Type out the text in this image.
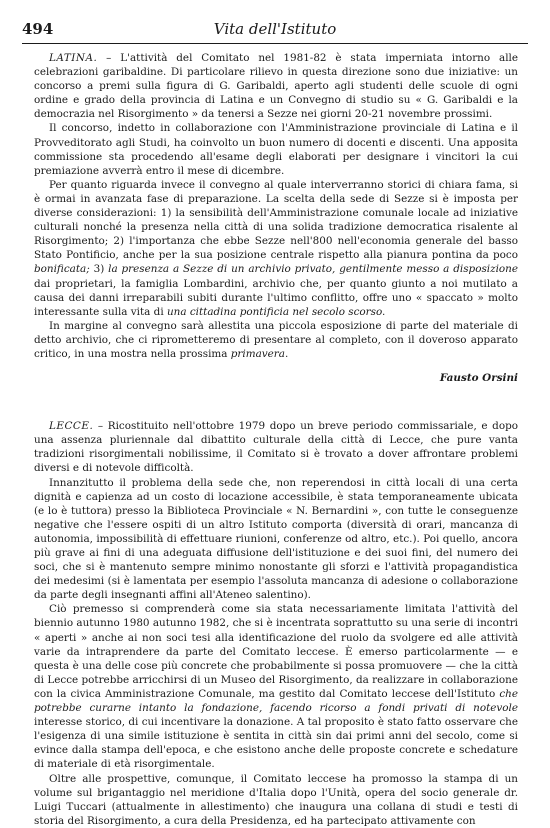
494	Vita dell'Istituto

LATINA. – L'attività del Comitato nel 1981-82 è stata imperniata intorno alle celebrazioni garibaldine. Di particolare rilievo in questa direzione sono due iniziative: un concorso a premi sulla figura di G. Garibaldi, aperto agli studenti delle scuole di ogni ordine e grado della provincia di Latina e un Convegno di studio su « G. Garibaldi e la democrazia nel Risorgimento » da tenersi a Sezze nei giorni 20-21 novembre prossimi.

Il concorso, indetto in collaborazione con l'Amministrazione provinciale di Latina e il Provveditorato agli Studi, ha coinvolto un buon numero di docenti e discenti. Una apposita commissione sta procedendo all'esame degli elaborati per designare i vincitori la cui premiazione avverrà entro il mese di dicembre.

Per quanto riguarda invece il convegno al quale interverranno storici di chiara fama, si è ormai in avanzata fase di preparazione. La scelta della sede di Sezze si è imposta per diverse considerazioni: 1) la sensibilità dell'Amministrazione comunale locale ad iniziative culturali nonché la presenza nella città di una solida tradizione democratica risalente al Risorgimento; 2) l'importanza che ebbe Sezze nell'800 nell'economia generale del basso Stato Pontificio, anche per la sua posizione centrale rispetto alla pianura pontina da poco bonificata; 3) la presenza a Sezze di un archivio privato, gentilmente messo a disposizione dai proprietari, la famiglia Lombardini, archivio che, per quanto giunto a noi mutilato a causa dei danni irreparabili subiti durante l'ultimo conflitto, offre uno « spaccato » molto interessante sulla vita di una cittadina pontificia nel secolo scorso.

In margine al convegno sarà allestita una piccola esposizione di parte del materiale di detto archivio, che ci riprometteremo di presentare al completo, con il doveroso apparato critico, in una mostra nella prossima primavera.

Fausto Orsini

LECCE. – Ricostituito nell'ottobre 1979 dopo un breve periodo commissariale, e dopo una assenza pluriennale dal dibattito culturale della città di Lecce, che pure vanta tradizioni risorgimentali nobilissime, il Comitato si è trovato a dover affrontare problemi diversi e di notevole difficoltà.

Innanzitutto il problema della sede che, non reperendosi in città locali di una certa dignità e capienza ad un costo di locazione accessibile, è stata temporaneamente ubicata (e lo è tuttora) presso la Biblioteca Provinciale « N. Bernardini », con tutte le conseguenze negative che l'essere ospiti di un altro Istituto comporta (diversità di orari, mancanza di autonomia, impossibilità di effettuare riunioni, conferenze od altro, etc.). Poi quello, ancora più grave ai fini di una adeguata diffusione dell'istituzione e dei suoi fini, del numero dei soci, che si è mantenuto sempre minimo nonostante gli sforzi e l'attività propagandistica dei medesimi (si è lamentata per esempio l'assoluta mancanza di adesione o collaborazione da parte degli insegnanti affini all'Ateneo salentino).

Ciò premesso si comprenderà come sia stata necessariamente limitata l'attività del biennio autunno 1980 autunno 1982, che si è incentrata soprattutto su una serie di incontri « aperti » anche ai non soci tesi alla identificazione del ruolo da svolgere ed alle attività varie da intraprendere da parte del Comitato leccese. È emerso particolarmente — e questa è una delle cose più concrete che probabilmente si possa promuovere — che la città di Lecce potrebbe arricchirsi di un Museo del Risorgimento, da realizzare in collaborazione con la civica Amministrazione Comunale, ma gestito dal Comitato leccese dell'Istituto che potrebbe curarne intanto la fondazione, facendo ricorso a fondi privati di notevole interesse storico, di cui incentivare la donazione. A tal proposito è stato fatto osservare che l'esigenza di una simile istituzione è sentita in città sin dai primi anni del secolo, come si evince dalla stampa dell'epoca, e che esistono anche delle proposte concrete e schedature di materiale di età risorgimentale.

Oltre alle prospettive, comunque, il Comitato leccese ha promosso la stampa di un volume sul brigantaggio nel meridione d'Italia dopo l'Unità, opera del socio generale dr. Luigi Tuccari (attualmente in allestimento) che inaugura una collana di studi e testi di storia del Risorgimento, a cura della Presidenza, ed ha partecipato attivamente con
